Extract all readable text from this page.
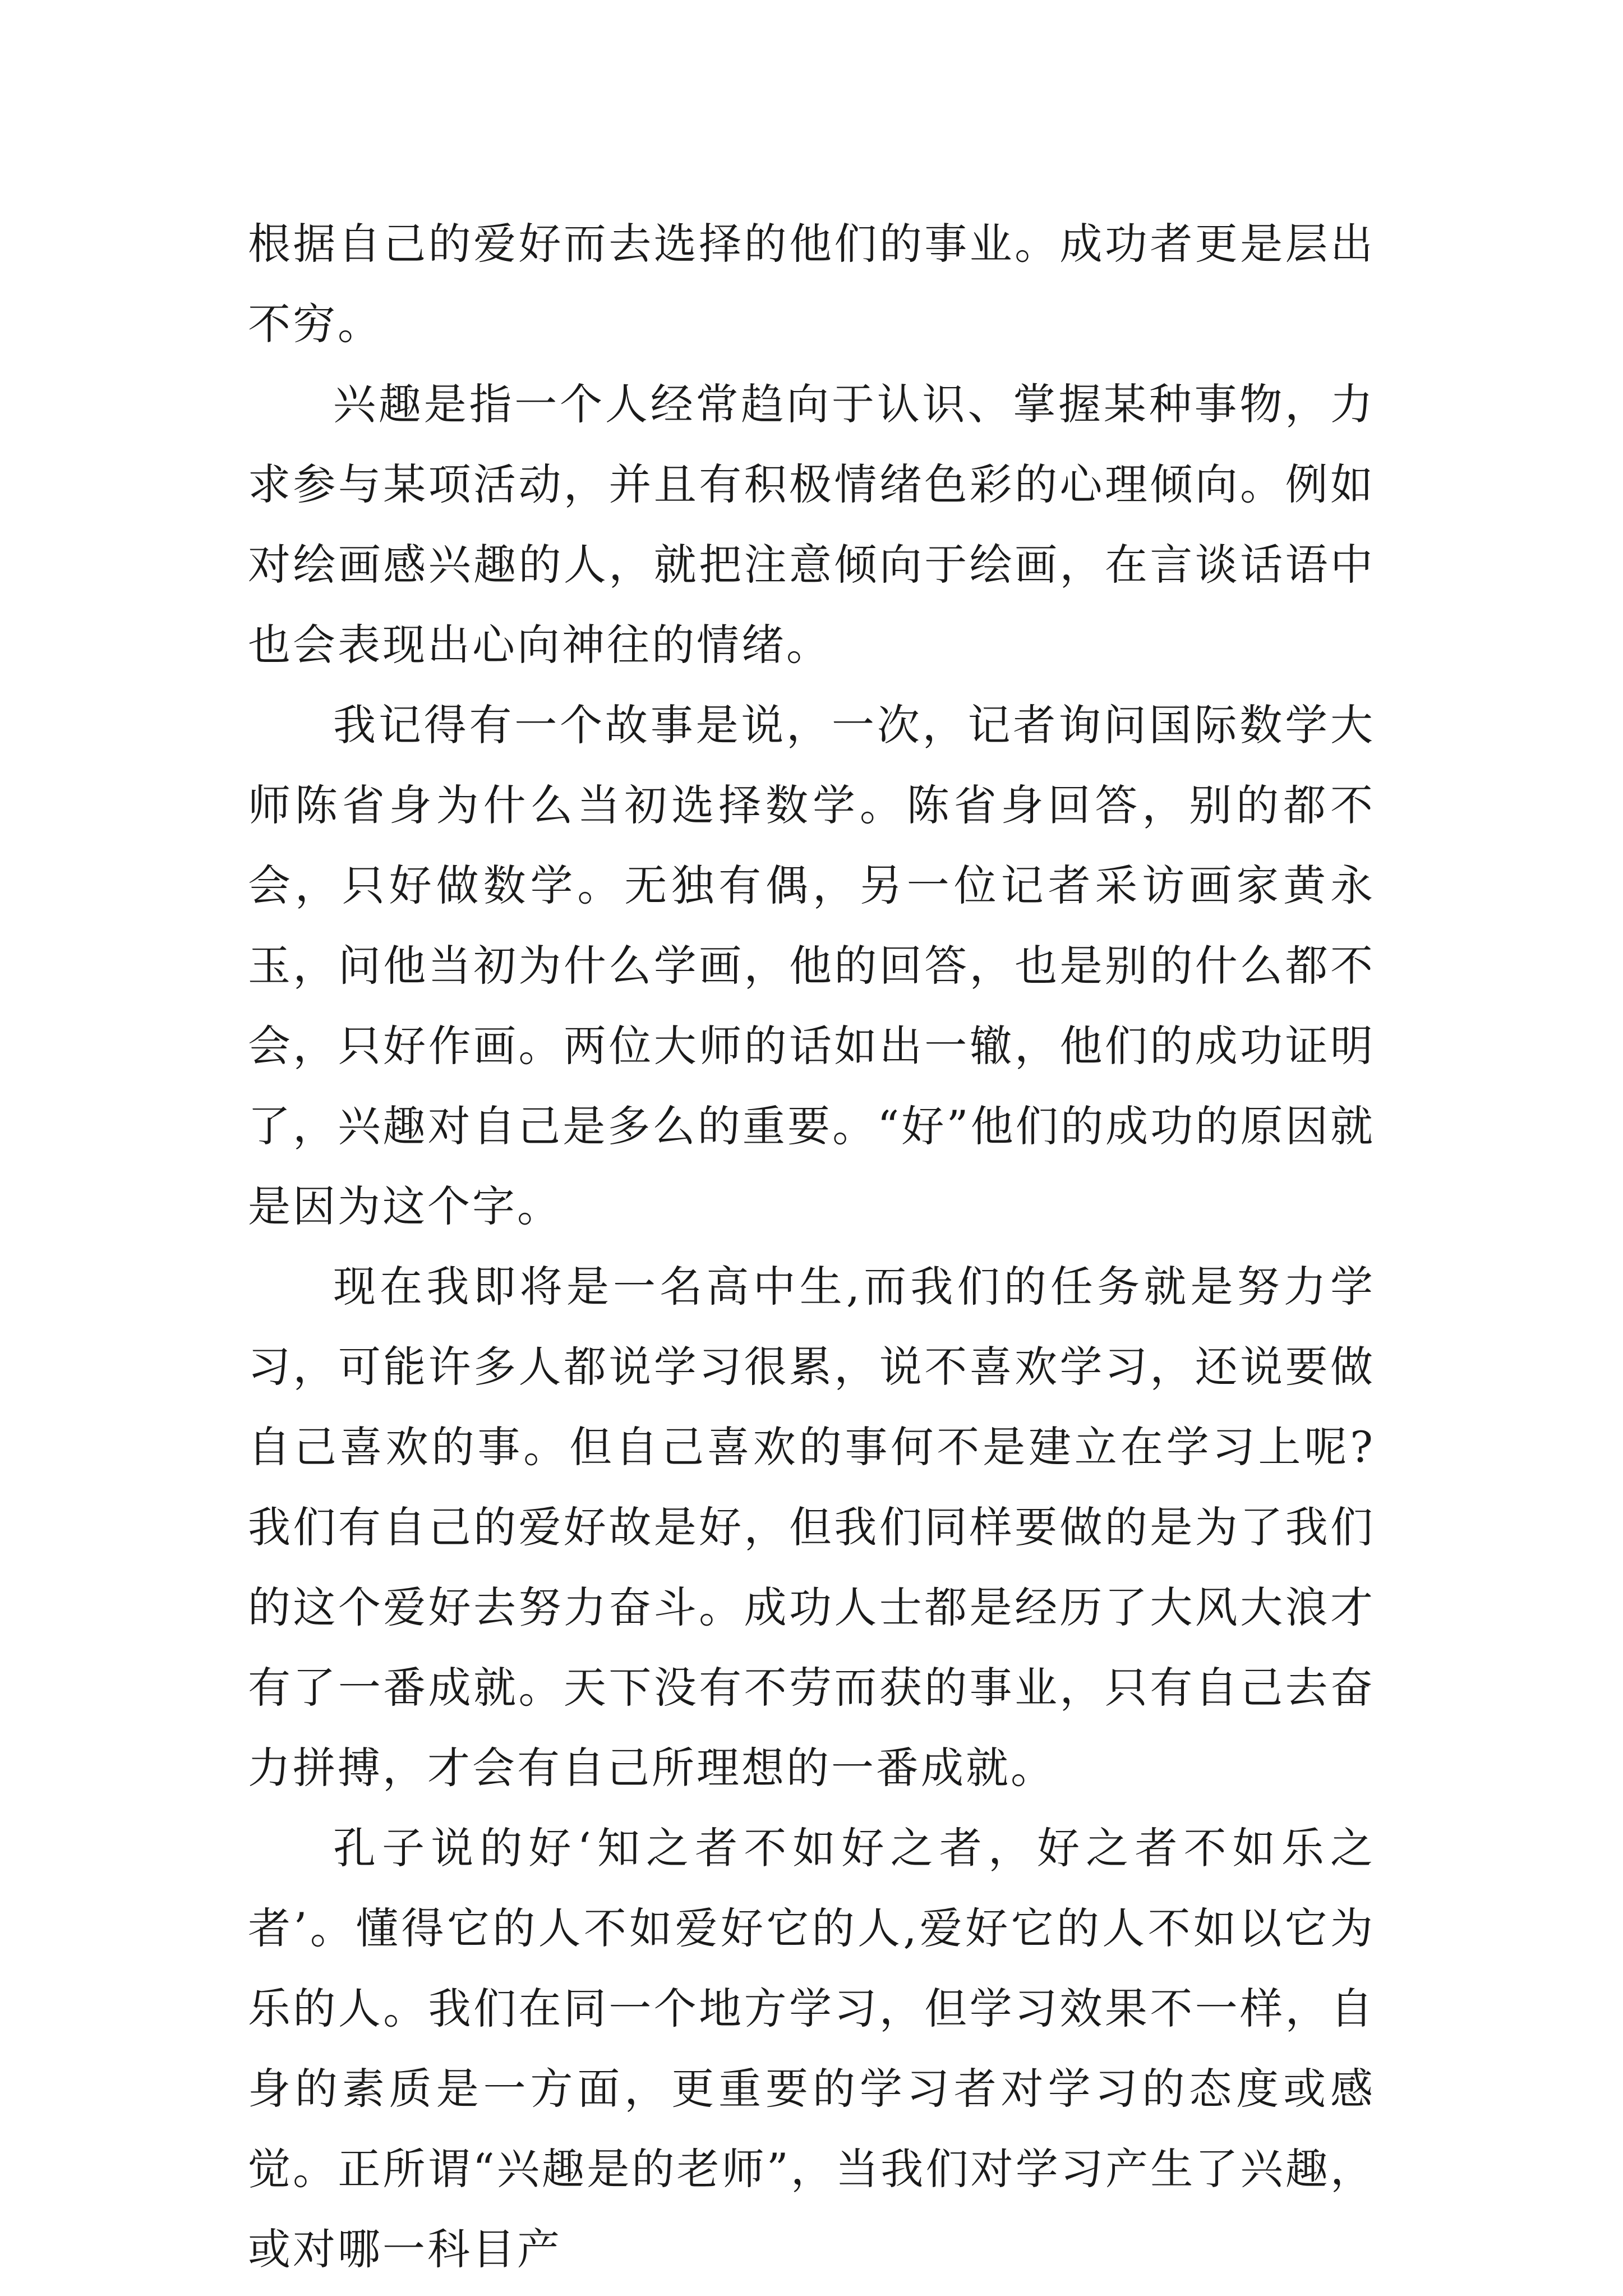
根据自己的爱好而去选择的他们的事业。成功者更是层出不穷。

兴趣是指一个人经常趋向于认识、掌握某种事物，力求参与某项活动，并且有积极情绪色彩的心理倾向。例如对绘画感兴趣的人，就把注意倾向于绘画，在言谈话语中也会表现出心向神往的情绪。

我记得有一个故事是说，一次，记者询问国际数学大师陈省身为什么当初选择数学。陈省身回答，别的都不会，只好做数学。无独有偶，另一位记者采访画家黄永玉，问他当初为什么学画，他的回答，也是别的什么都不会，只好作画。两位大师的话如出一辙，他们的成功证明了，兴趣对自己是多么的重要。“好”他们的成功的原因就是因为这个字。

现在我即将是一名高中生,而我们的任务就是努力学习，可能许多人都说学习很累，说不喜欢学习，还说要做自己喜欢的事。但自己喜欢的事何不是建立在学习上呢?我们有自己的爱好故是好，但我们同样要做的是为了我们的这个爱好去努力奋斗。成功人士都是经历了大风大浪才有了一番成就。天下没有不劳而获的事业，只有自己去奋力拼搏，才会有自己所理想的一番成就。

孔子说的好‘知之者不如好之者，好之者不如乐之者’。懂得它的人不如爱好它的人,爱好它的人不如以它为乐的人。我们在同一个地方学习，但学习效果不一样，自身的素质是一方面，更重要的学习者对学习的态度或感觉。正所谓“兴趣是的老师”，当我们对学习产生了兴趣，或对哪一科目产
